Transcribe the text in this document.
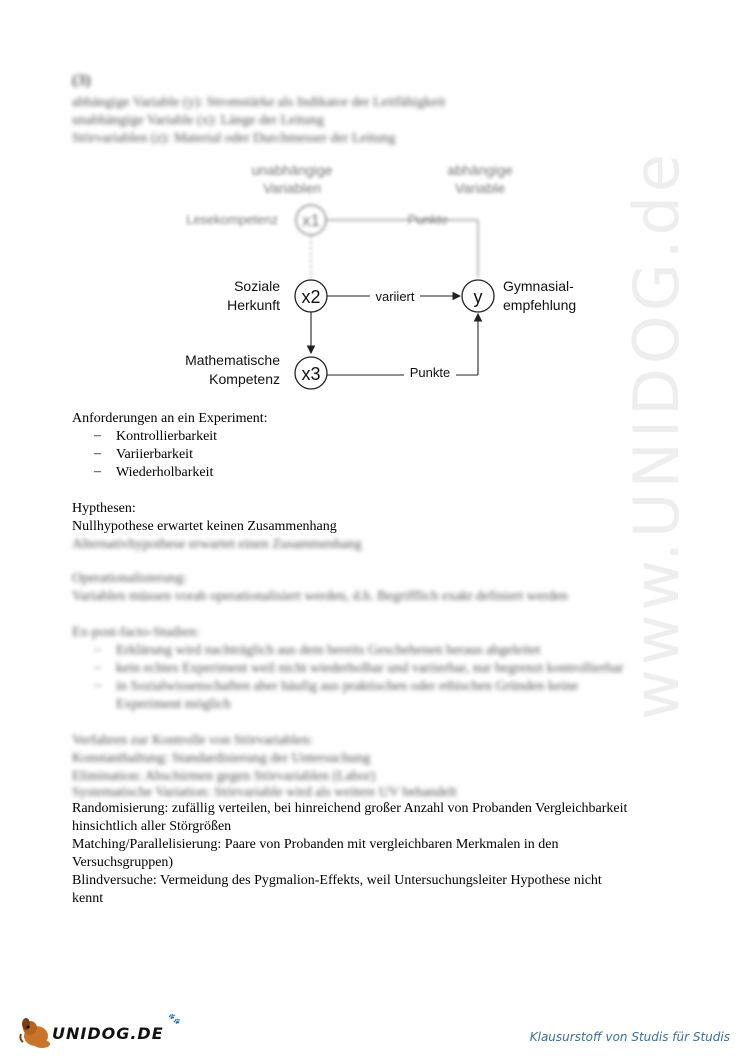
(3)
abhängige Variable (y): Stromstärke als Indikator der Leitfähigkeit
unabhängige Variable (x): Länge der Leitung
Störvariablen (z): Material oder Durchmesser der Leitung
unabhängige
Variablen
abhängige
Variable
Lesekompetenz x1	Punkte
Soziale
Herkunft x2	variiert	y
Gymnasial-
empfehlung
Mathematische
Kompetenz x3	Punkte
Anforderungen an ein Experiment:
– Kontrollierbarkeit
– Variierbarkeit
– Wiederholbarkeit
Hypthesen:
Nullhypothese erwartet keinen Zusammenhang
Alternativhypothese erwartet einen Zusammenhang
Operationalisierung:
Variablen müssen vorab operationalisiert werden, d.h. Begrifflich exakt definiert werden
Ex-post-facto-Studien:
– Erklärung wird nachträglich aus dem bereits Geschehenen heraus abgeleitet
– kein echtes Experiment weil nicht wiederholbar und variierbar, nur begrenzt kontrollierbar
– in Sozialwissenschaften aber häufig aus praktischen oder ethischen Gründen keine
Experiment möglich
Verfahren zur Kontrolle von Störvariablen:
Konstanthaltung: Standardisierung der Untersuchung
Elimination: Abschirmen gegen Störvariablen (Labor)
Systematische Variation: Störvariable wird als weitere UV behandelt
Randomisierung: zufällig verteilen, bei hinreichend großer Anzahl von Probanden Vergleichbarkeit
hinsichtlich aller Störgrößen
Matching/Parallelisierung: Paare von Probanden mit vergleichbaren Merkmalen in den
Versuchsgruppen)
Blindversuche: Vermeidung des Pygmalion-Effekts, weil Untersuchungsleiter Hypothese nicht
kennt
www.UNIDOG.de
🐾
UNIDOG.DE	Klausurstoff von Studis für Studis
